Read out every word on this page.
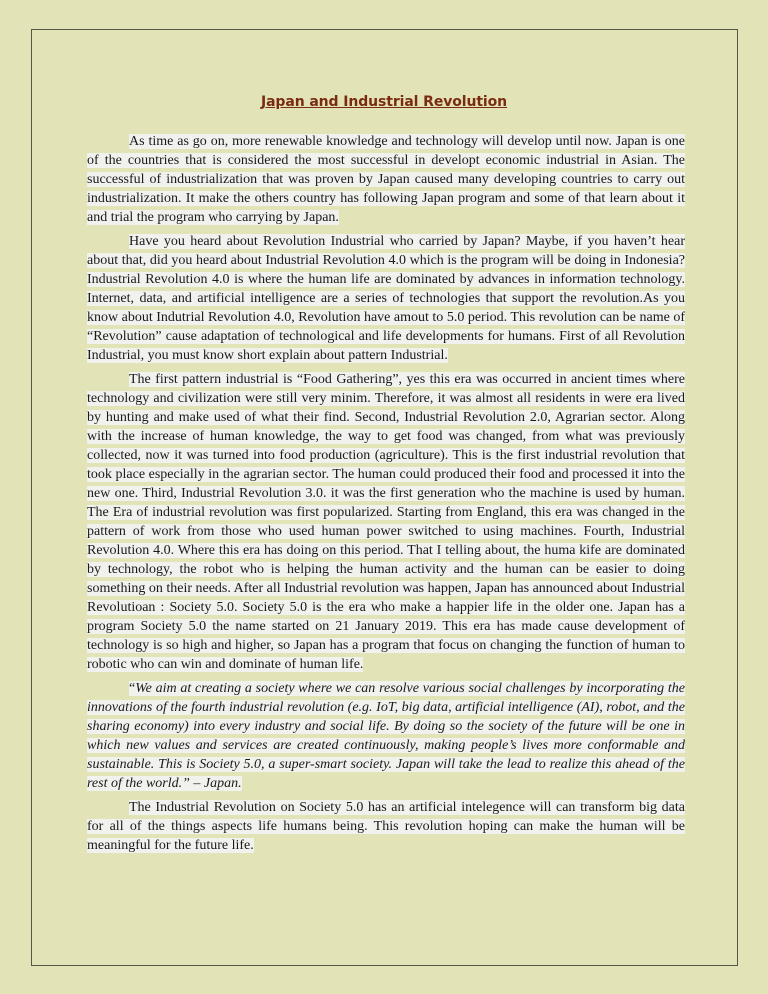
Japan and Industrial Revolution

As time as go on, more renewable knowledge and technology will develop until now. Japan is one of the countries that is considered the most successful in developt economic industrial in Asian. The successful of industrialization that was proven by Japan caused many developing countries to carry out industrialization. It make the others country has following Japan program and some of that learn about it and trial the program who carrying by Japan.

Have you heard about Revolution Industrial who carried by Japan? Maybe, if you haven’t hear about that, did you heard about Industrial Revolution 4.0 which is the program will be doing in Indonesia? Industrial Revolution 4.0 is where the human life are dominated by advances in information technology. Internet, data, and artificial intelligence are a series of technologies that support the revolution.As you know about Indutrial Revolution 4.0, Revolution have amout to 5.0 period. This revolution can be name of “Revolution” cause adaptation of technological and life developments for humans. First of all Revolution Industrial, you must know short explain about pattern Industrial.

The first pattern industrial is “Food Gathering”, yes this era was occurred in ancient times where technology and civilization were still very minim. Therefore, it was almost all residents in were era lived by hunting and make used of what their find. Second, Industrial Revolution 2.0, Agrarian sector. Along with the increase of human knowledge, the way to get food was changed, from what was previously collected, now it was turned into food production (agriculture). This is the first industrial revolution that took place especially in the agrarian sector. The human could produced their food and processed it into the new one. Third, Industrial Revolution 3.0. it was the first generation who the machine is used by human. The Era of industrial revolution was first popularized. Starting from England, this era was changed in the pattern of work from those who used human power switched to using machines. Fourth, Industrial Revolution 4.0. Where this era has doing on this period. That I telling about, the huma kife are dominated by technology, the robot who is helping the human activity and the human can be easier to doing something on their needs. After all Industrial revolution was happen, Japan has announced about Industrial Revolutioan : Society 5.0. Society 5.0 is the era who make a happier life in the older one. Japan has a program Society 5.0 the name started on 21 January 2019. This era has made cause development of technology is so high and higher, so Japan has a program that focus on changing the function of human to robotic who can win and dominate of human life.

“We aim at creating a society where we can resolve various social challenges by incorporating the innovations of the fourth industrial revolution (e.g. IoT, big data, artificial intelligence (AI), robot, and the sharing economy) into every industry and social life. By doing so the society of the future will be one in which new values and services are created continuously, making people’s lives more conformable and sustainable. This is Society 5.0, a super-smart society. Japan will take the lead to realize this ahead of the rest of the world.” – Japan.

The Industrial Revolution on Society 5.0 has an artificial intelegence will can transform big data for all of the things aspects life humans being. This revolution hoping can make the human will be meaningful for the future life.
